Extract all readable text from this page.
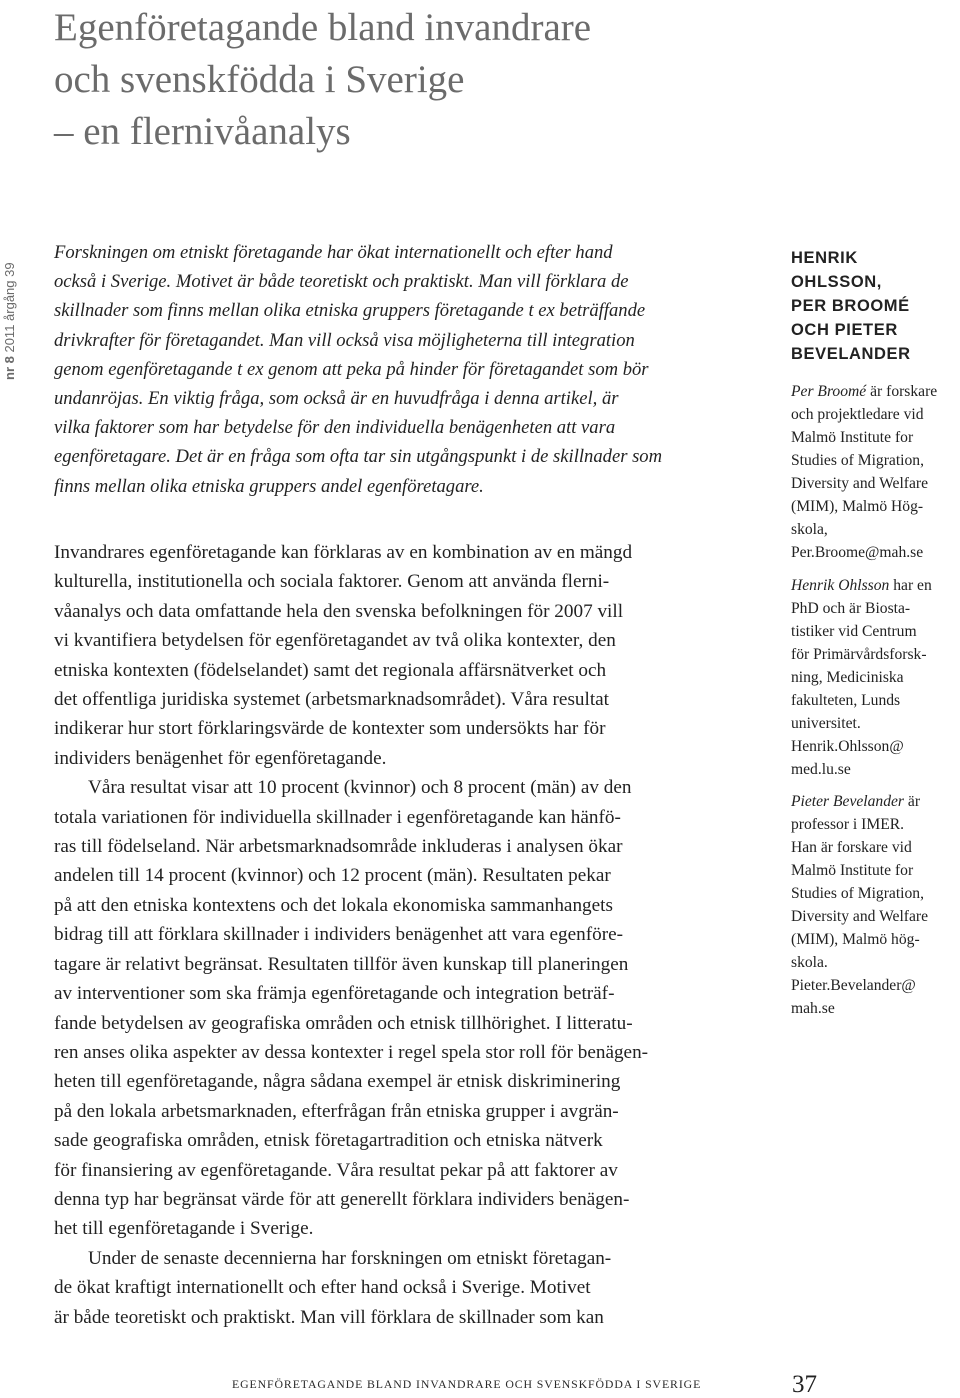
Egenföretagande bland invandrare
och svenskfödda i Sverige
– en flernivåanalys
nr 8 2011 årgång 39
Forskningen om etniskt företagande har ökat internationellt och efter hand
också i Sverige. Motivet är både teoretiskt och praktiskt. Man vill förklara de
skillnader som finns mellan olika etniska gruppers företagande t ex beträffande
drivkrafter för företagandet. Man vill också visa möjligheterna till integration
genom egenföretagande t ex genom att peka på hinder för företagandet som bör
undanröjas. En viktig fråga, som också är en huvudfråga i denna artikel, är
vilka faktorer som har betydelse för den individuella benägenheten att vara
egenföretagare. Det är en fråga som ofta tar sin utgångspunkt i de skillnader som
finns mellan olika etniska gruppers andel egenföretagare.
Invandrares egenföretagande kan förklaras av en kombination av en mängd
kulturella, institutionella och sociala faktorer. Genom att använda flerni-
våanalys och data omfattande hela den svenska befolkningen för 2007 vill
vi kvantifiera betydelsen för egenföretagandet av två olika kontexter, den
etniska kontexten (födelselandet) samt det regionala affärsnätverket och
det offentliga juridiska systemet (arbetsmarknadsområdet). Våra resultat
indikerar hur stort förklaringsvärde de kontexter som undersökts har för
individers benägenhet för egenföretagande.
Våra resultat visar att 10 procent (kvinnor) och 8 procent (män) av den
totala variationen för individuella skillnader i egenföretagande kan hänfö-
ras till födelseland. När arbetsmarknadsområde inkluderas i analysen ökar
andelen till 14 procent (kvinnor) och 12 procent (män). Resultaten pekar
på att den etniska kontextens och det lokala ekonomiska sammanhangets
bidrag till att förklara skillnader i individers benägenhet att vara egenföre-
tagare är relativt begränsat. Resultaten tillför även kunskap till planeringen
av interventioner som ska främja egenföretagande och integration beträf-
fande betydelsen av geografiska områden och etnisk tillhörighet. I litteratu-
ren anses olika aspekter av dessa kontexter i regel spela stor roll för benägen-
heten till egenföretagande, några sådana exempel är etnisk diskriminering
på den lokala arbetsmarknaden, efterfrågan från etniska grupper i avgrän-
sade geografiska områden, etnisk företagartradition och etniska nätverk
för finansiering av egenföretagande. Våra resultat pekar på att faktorer av
denna typ har begränsat värde för att generellt förklara individers benägen-
het till egenföretagande i Sverige.
Under de senaste decennierna har forskningen om etniskt företagan-
de ökat kraftigt internationellt och efter hand också i Sverige. Motivet
är både teoretiskt och praktiskt. Man vill förklara de skillnader som kan
HENRIK
OHLSSON,
PER BROOMÉ
OCH PIETER
BEVELANDER
Per Broomé är forskare
och projektledare vid
Malmö Institute for
Studies of Migration,
Diversity and Welfare
(MIM), Malmö Hög-
skola,
Per.Broome@mah.se
Henrik Ohlsson har en
PhD och är Biosta-
tistiker vid Centrum
för Primärvårdsforsk-
ning, Mediciniska
fakulteten, Lunds
universitet.
Henrik.Ohlsson@
med.lu.se
Pieter Bevelander är
professor i IMER.
Han är forskare vid
Malmö Institute for
Studies of Migration,
Diversity and Welfare
(MIM), Malmö hög-
skola.
Pieter.Bevelander@
mah.se
EGENFÖRETAGANDE BLAND INVANDRARE OCH SVENSKFÖDDA I SVERIGE	37
